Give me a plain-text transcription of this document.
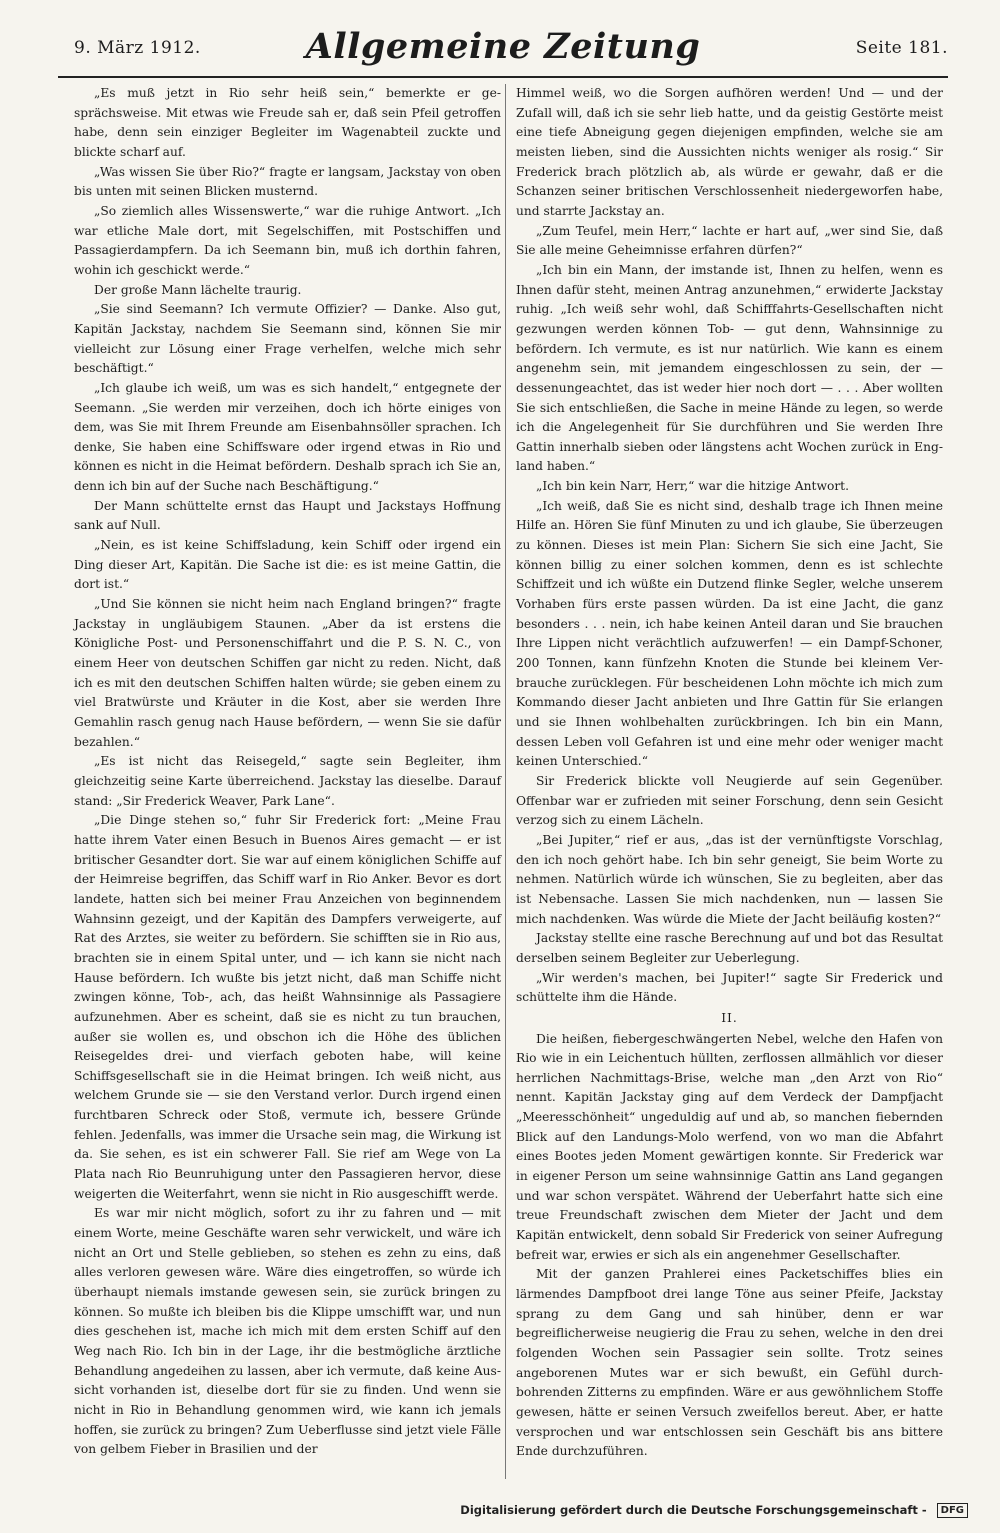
9. März 1912.	Allgemeine Zeitung	Seite 181.

„Es muß jetzt in Rio sehr heiß sein,“ bemerkte er gesprächsweise. Mit etwas wie Freude sah er, daß sein Pfeil getroffen habe, denn sein einziger Begleiter im Wagenabteil zuckte und blickte scharf auf.

„Was wissen Sie über Rio?“ fragte er langsam, Jackstay von oben bis unten mit seinen Blicken musternd.

„So ziemlich alles Wissenswerte,“ war die ruhige Antwort. „Ich war etliche Male dort, mit Segelschiffen, mit Postschiffen und Passagierdampfern. Da ich Seemann bin, muß ich dorthin fahren, wohin ich geschickt werde.“

Der große Mann lächelte traurig.

„Sie sind Seemann? Ich vermute Offizier? — Danke. Also gut, Kapitän Jackstay, nachdem Sie Seemann sind, können Sie mir vielleicht zur Lösung einer Frage verhelfen, welche mich sehr beschäftigt.“

„Ich glaube ich weiß, um was es sich handelt,“ entgegnete der Seemann. „Sie werden mir verzeihen, doch ich hörte einiges von dem, was Sie mit Ihrem Freunde am Eisenbahnsöller sprachen. Ich denke, Sie haben eine Schiffsware oder irgend etwas in Rio und können es nicht in die Heimat befördern. Deshalb sprach ich Sie an, denn ich bin auf der Suche nach Beschäftigung.“

Der Mann schüttelte ernst das Haupt und Jackstays Hoffnung sank auf Null.

„Nein, es ist keine Schiffsladung, kein Schiff oder irgend ein Ding dieser Art, Kapitän. Die Sache ist die: es ist meine Gattin, die dort ist.“

„Und Sie können sie nicht heim nach England bringen?“ fragte Jackstay in ungläubigem Staunen. „Aber da ist erstens die Königliche Post- und Personenschiffahrt und die P. S. N. C., von einem Heer von deutschen Schiffen gar nicht zu reden. Nicht, daß ich es mit den deutschen Schiffen halten würde; sie geben einem zu viel Bratwürste und Kräuter in die Kost, aber sie werden Ihre Gemahlin rasch genug nach Hause befördern, — wenn Sie sie dafür bezahlen.“

„Es ist nicht das Reisegeld,“ sagte sein Begleiter, ihm gleichzeitig seine Karte überreichend. Jackstay las dieselbe. Darauf stand: „Sir Frederick Weaver, Park Lane“.

„Die Dinge stehen so,“ fuhr Sir Frederick fort: „Meine Frau hatte ihrem Vater einen Besuch in Buenos Aires gemacht — er ist britischer Gesandter dort. Sie war auf einem königlichen Schiffe auf der Heimreise begriffen, das Schiff warf in Rio Anker. Bevor es dort landete, hatten sich bei meiner Frau Anzeichen von beginnendem Wahnsinn gezeigt, und der Kapitän des Dampfers verweigerte, auf Rat des Arztes, sie weiter zu befördern. Sie schifften sie in Rio aus, brachten sie in einem Spital unter, und — ich kann sie nicht nach Hause befördern. Ich wußte bis jetzt nicht, daß man Schiffe nicht zwingen könne, Tob-, ach, das heißt Wahnsinnige als Passagiere aufzunehmen. Aber es scheint, daß sie es nicht zu tun brauchen, außer sie wollen es, und obschon ich die Höhe des üblichen Reisegeldes drei- und vierfach geboten habe, will keine Schiffsgesellschaft sie in die Heimat bringen. Ich weiß nicht, aus welchem Grunde sie — sie den Verstand verlor. Durch irgend einen furchtbaren Schreck oder Stoß, vermute ich, bessere Gründe fehlen. Jedenfalls, was immer die Ursache sein mag, die Wirkung ist da. Sie sehen, es ist ein schwerer Fall. Sie rief am Wege von La Plata nach Rio Beunruhigung unter den Passagieren hervor, diese weigerten die Weiterfahrt, wenn sie nicht in Rio ausgeschifft werde.

Es war mir nicht möglich, sofort zu ihr zu fahren und — mit einem Worte, meine Geschäfte waren sehr verwickelt, und wäre ich nicht an Ort und Stelle geblieben, so stehen es zehn zu eins, daß alles verloren gewesen wäre. Wäre dies eingetroffen, so würde ich überhaupt niemals imstande gewesen sein, sie zurück bringen zu können. So mußte ich bleiben bis die Klippe umschifft war, und nun dies geschehen ist, mache ich mich mit dem ersten Schiff auf den Weg nach Rio. Ich bin in der Lage, ihr die bestmögliche ärztliche Behandlung angedeihen zu lassen, aber ich vermute, daß keine Aussicht vorhanden ist, dieselbe dort für sie zu finden. Und wenn sie nicht in Rio in Behandlung genommen wird, wie kann ich jemals hoffen, sie zurück zu bringen? Zum Ueberflusse sind jetzt viele Fälle von gelbem Fieber in Brasilien und der

Himmel weiß, wo die Sorgen aufhören werden! Und — und der Zufall will, daß ich sie sehr lieb hatte, und da geistig Gestörte meist eine tiefe Abneigung gegen diejenigen empfinden, welche sie am meisten lieben, sind die Aussichten nichts weniger als rosig.“ Sir Frederick brach plötzlich ab, als würde er gewahr, daß er die Schanzen seiner britischen Verschlossenheit niedergeworfen habe, und starrte Jackstay an.

„Zum Teufel, mein Herr,“ lachte er hart auf, „wer sind Sie, daß Sie alle meine Geheimnisse erfahren dürfen?“

„Ich bin ein Mann, der imstande ist, Ihnen zu helfen, wenn es Ihnen dafür steht, meinen Antrag anzunehmen,“ erwiderte Jackstay ruhig. „Ich weiß sehr wohl, daß Schifffahrts-Gesellschaften nicht gezwungen werden können Tob- — gut denn, Wahnsinnige zu befördern. Ich vermute, es ist nur natürlich. Wie kann es einem angenehm sein, mit jemandem eingeschlossen zu sein, der — dessenungeachtet, das ist weder hier noch dort — . . . Aber wollten Sie sich entschließen, die Sache in meine Hände zu legen, so werde ich die Angelegenheit für Sie durchführen und Sie werden Ihre Gattin innerhalb sieben oder längstens acht Wochen zurück in England haben.“

„Ich bin kein Narr, Herr,“ war die hitzige Antwort.

„Ich weiß, daß Sie es nicht sind, deshalb trage ich Ihnen meine Hilfe an. Hören Sie fünf Minuten zu und ich glaube, Sie überzeugen zu können. Dieses ist mein Plan: Sichern Sie sich eine Jacht, Sie können billig zu einer solchen kommen, denn es ist schlechte Schiffzeit und ich wüßte ein Dutzend flinke Segler, welche unserem Vorhaben fürs erste passen würden. Da ist eine Jacht, die ganz besonders . . . nein, ich habe keinen Anteil daran und Sie brauchen Ihre Lippen nicht verächtlich aufzuwerfen! — ein Dampf-Schoner, 200 Tonnen, kann fünfzehn Knoten die Stunde bei kleinem Verbrauche zurücklegen. Für bescheidenen Lohn möchte ich mich zum Kommando dieser Jacht anbieten und Ihre Gattin für Sie erlangen und sie Ihnen wohlbehalten zurückbringen. Ich bin ein Mann, dessen Leben voll Gefahren ist und eine mehr oder weniger macht keinen Unterschied.“

Sir Frederick blickte voll Neugierde auf sein Gegenüber. Offenbar war er zufrieden mit seiner Forschung, denn sein Gesicht verzog sich zu einem Lächeln.

„Bei Jupiter,“ rief er aus, „das ist der vernünftigste Vorschlag, den ich noch gehört habe. Ich bin sehr geneigt, Sie beim Worte zu nehmen. Natürlich würde ich wünschen, Sie zu begleiten, aber das ist Nebensache. Lassen Sie mich nachdenken, nun — lassen Sie mich nachdenken. Was würde die Miete der Jacht beiläufig kosten?“

Jackstay stellte eine rasche Berechnung auf und bot das Resultat derselben seinem Begleiter zur Ueberlegung.

„Wir werden's machen, bei Jupiter!“ sagte Sir Frederick und schüttelte ihm die Hände.

II.

Die heißen, fiebergeschwängerten Nebel, welche den Hafen von Rio wie in ein Leichentuch hüllten, zerflossen allmählich vor dieser herrlichen Nachmittags-Brise, welche man „den Arzt von Rio“ nennt. Kapitän Jackstay ging auf dem Verdeck der Dampfjacht „Meeresschönheit“ ungeduldig auf und ab, so manchen fiebernden Blick auf den Landungs-Molo werfend, von wo man die Abfahrt eines Bootes jeden Moment gewärtigen konnte. Sir Frederick war in eigener Person um seine wahnsinnige Gattin ans Land gegangen und war schon verspätet. Während der Ueberfahrt hatte sich eine treue Freundschaft zwischen dem Mieter der Jacht und dem Kapitän entwickelt, denn sobald Sir Frederick von seiner Aufregung befreit war, erwies er sich als ein angenehmer Gesellschafter.

Mit der ganzen Prahlerei eines Packetschiffes blies ein lärmendes Dampfboot drei lange Töne aus seiner Pfeife, Jackstay sprang zu dem Gang und sah hinüber, denn er war begreiflicherweise neugierig die Frau zu sehen, welche in den drei folgenden Wochen sein Passagier sein sollte. Trotz seines angeborenen Mutes war er sich bewußt, ein Gefühl durchbohrenden Zitterns zu empfinden. Wäre er aus gewöhnlichem Stoffe gewesen, hätte er seinen Versuch zweifellos bereut. Aber, er hatte versprochen und war entschlossen sein Geschäft bis ans bittere Ende durchzuführen.

Digitalisierung gefördert durch die Deutsche Forschungsgemeinschaft - DFG
